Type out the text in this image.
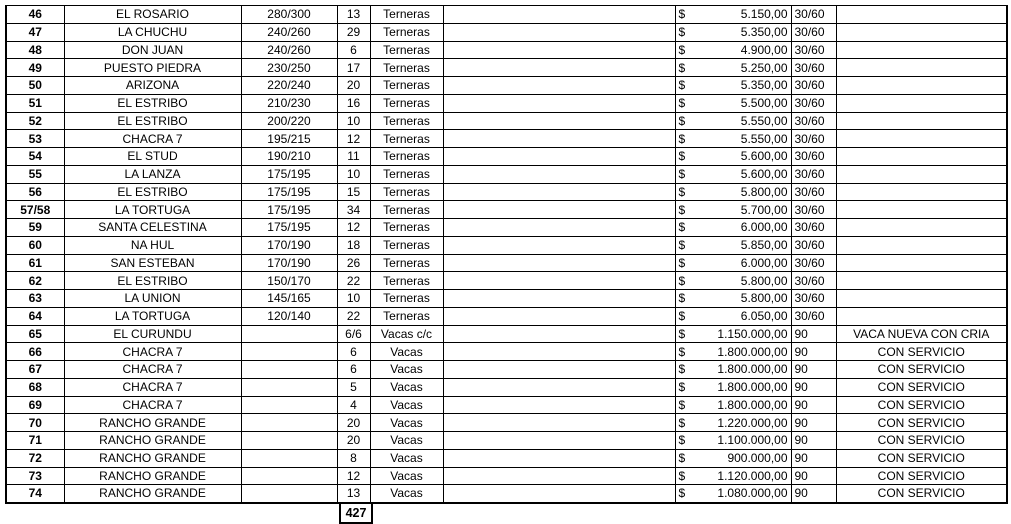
46	EL ROSARIO	280/300	13	Terneras		$ 5.150,00	30/60	
47	LA CHUCHU	240/260	29	Terneras		$ 5.350,00	30/60	
48	DON JUAN	240/260	6	Terneras		$ 4.900,00	30/60	
49	PUESTO PIEDRA	230/250	17	Terneras		$ 5.250,00	30/60	
50	ARIZONA	220/240	20	Terneras		$ 5.350,00	30/60	
51	EL ESTRIBO	210/230	16	Terneras		$ 5.500,00	30/60	
52	EL ESTRIBO	200/220	10	Terneras		$ 5.550,00	30/60	
53	CHACRA 7	195/215	12	Terneras		$ 5.550,00	30/60	
54	EL STUD	190/210	11	Terneras		$ 5.600,00	30/60	
55	LA LANZA	175/195	10	Terneras		$ 5.600,00	30/60	
56	EL ESTRIBO	175/195	15	Terneras		$ 5.800,00	30/60	
57/58	LA TORTUGA	175/195	34	Terneras		$ 5.700,00	30/60	
59	SANTA CELESTINA	175/195	12	Terneras		$ 6.000,00	30/60	
60	NA HUL	170/190	18	Terneras		$ 5.850,00	30/60	
61	SAN ESTEBAN	170/190	26	Terneras		$ 6.000,00	30/60	
62	EL ESTRIBO	150/170	22	Terneras		$ 5.800,00	30/60	
63	LA UNION	145/165	10	Terneras		$ 5.800,00	30/60	
64	LA TORTUGA	120/140	22	Terneras		$ 6.050,00	30/60	
65	EL CURUNDU		6/6	Vacas c/c		$ 1.150.000,00	90	VACA NUEVA CON CRIA
66	CHACRA 7		6	Vacas		$ 1.800.000,00	90	CON SERVICIO
67	CHACRA 7		6	Vacas		$ 1.800.000,00	90	CON SERVICIO
68	CHACRA 7		5	Vacas		$ 1.800.000,00	90	CON SERVICIO
69	CHACRA 7		4	Vacas		$ 1.800.000,00	90	CON SERVICIO
70	RANCHO GRANDE		20	Vacas		$ 1.220.000,00	90	CON SERVICIO
71	RANCHO GRANDE		20	Vacas		$ 1.100.000,00	90	CON SERVICIO
72	RANCHO GRANDE		8	Vacas		$ 900.000,00	90	CON SERVICIO
73	RANCHO GRANDE		12	Vacas		$ 1.120.000,00	90	CON SERVICIO
74	RANCHO GRANDE		13	Vacas		$ 1.080.000,00	90	CON SERVICIO
427
